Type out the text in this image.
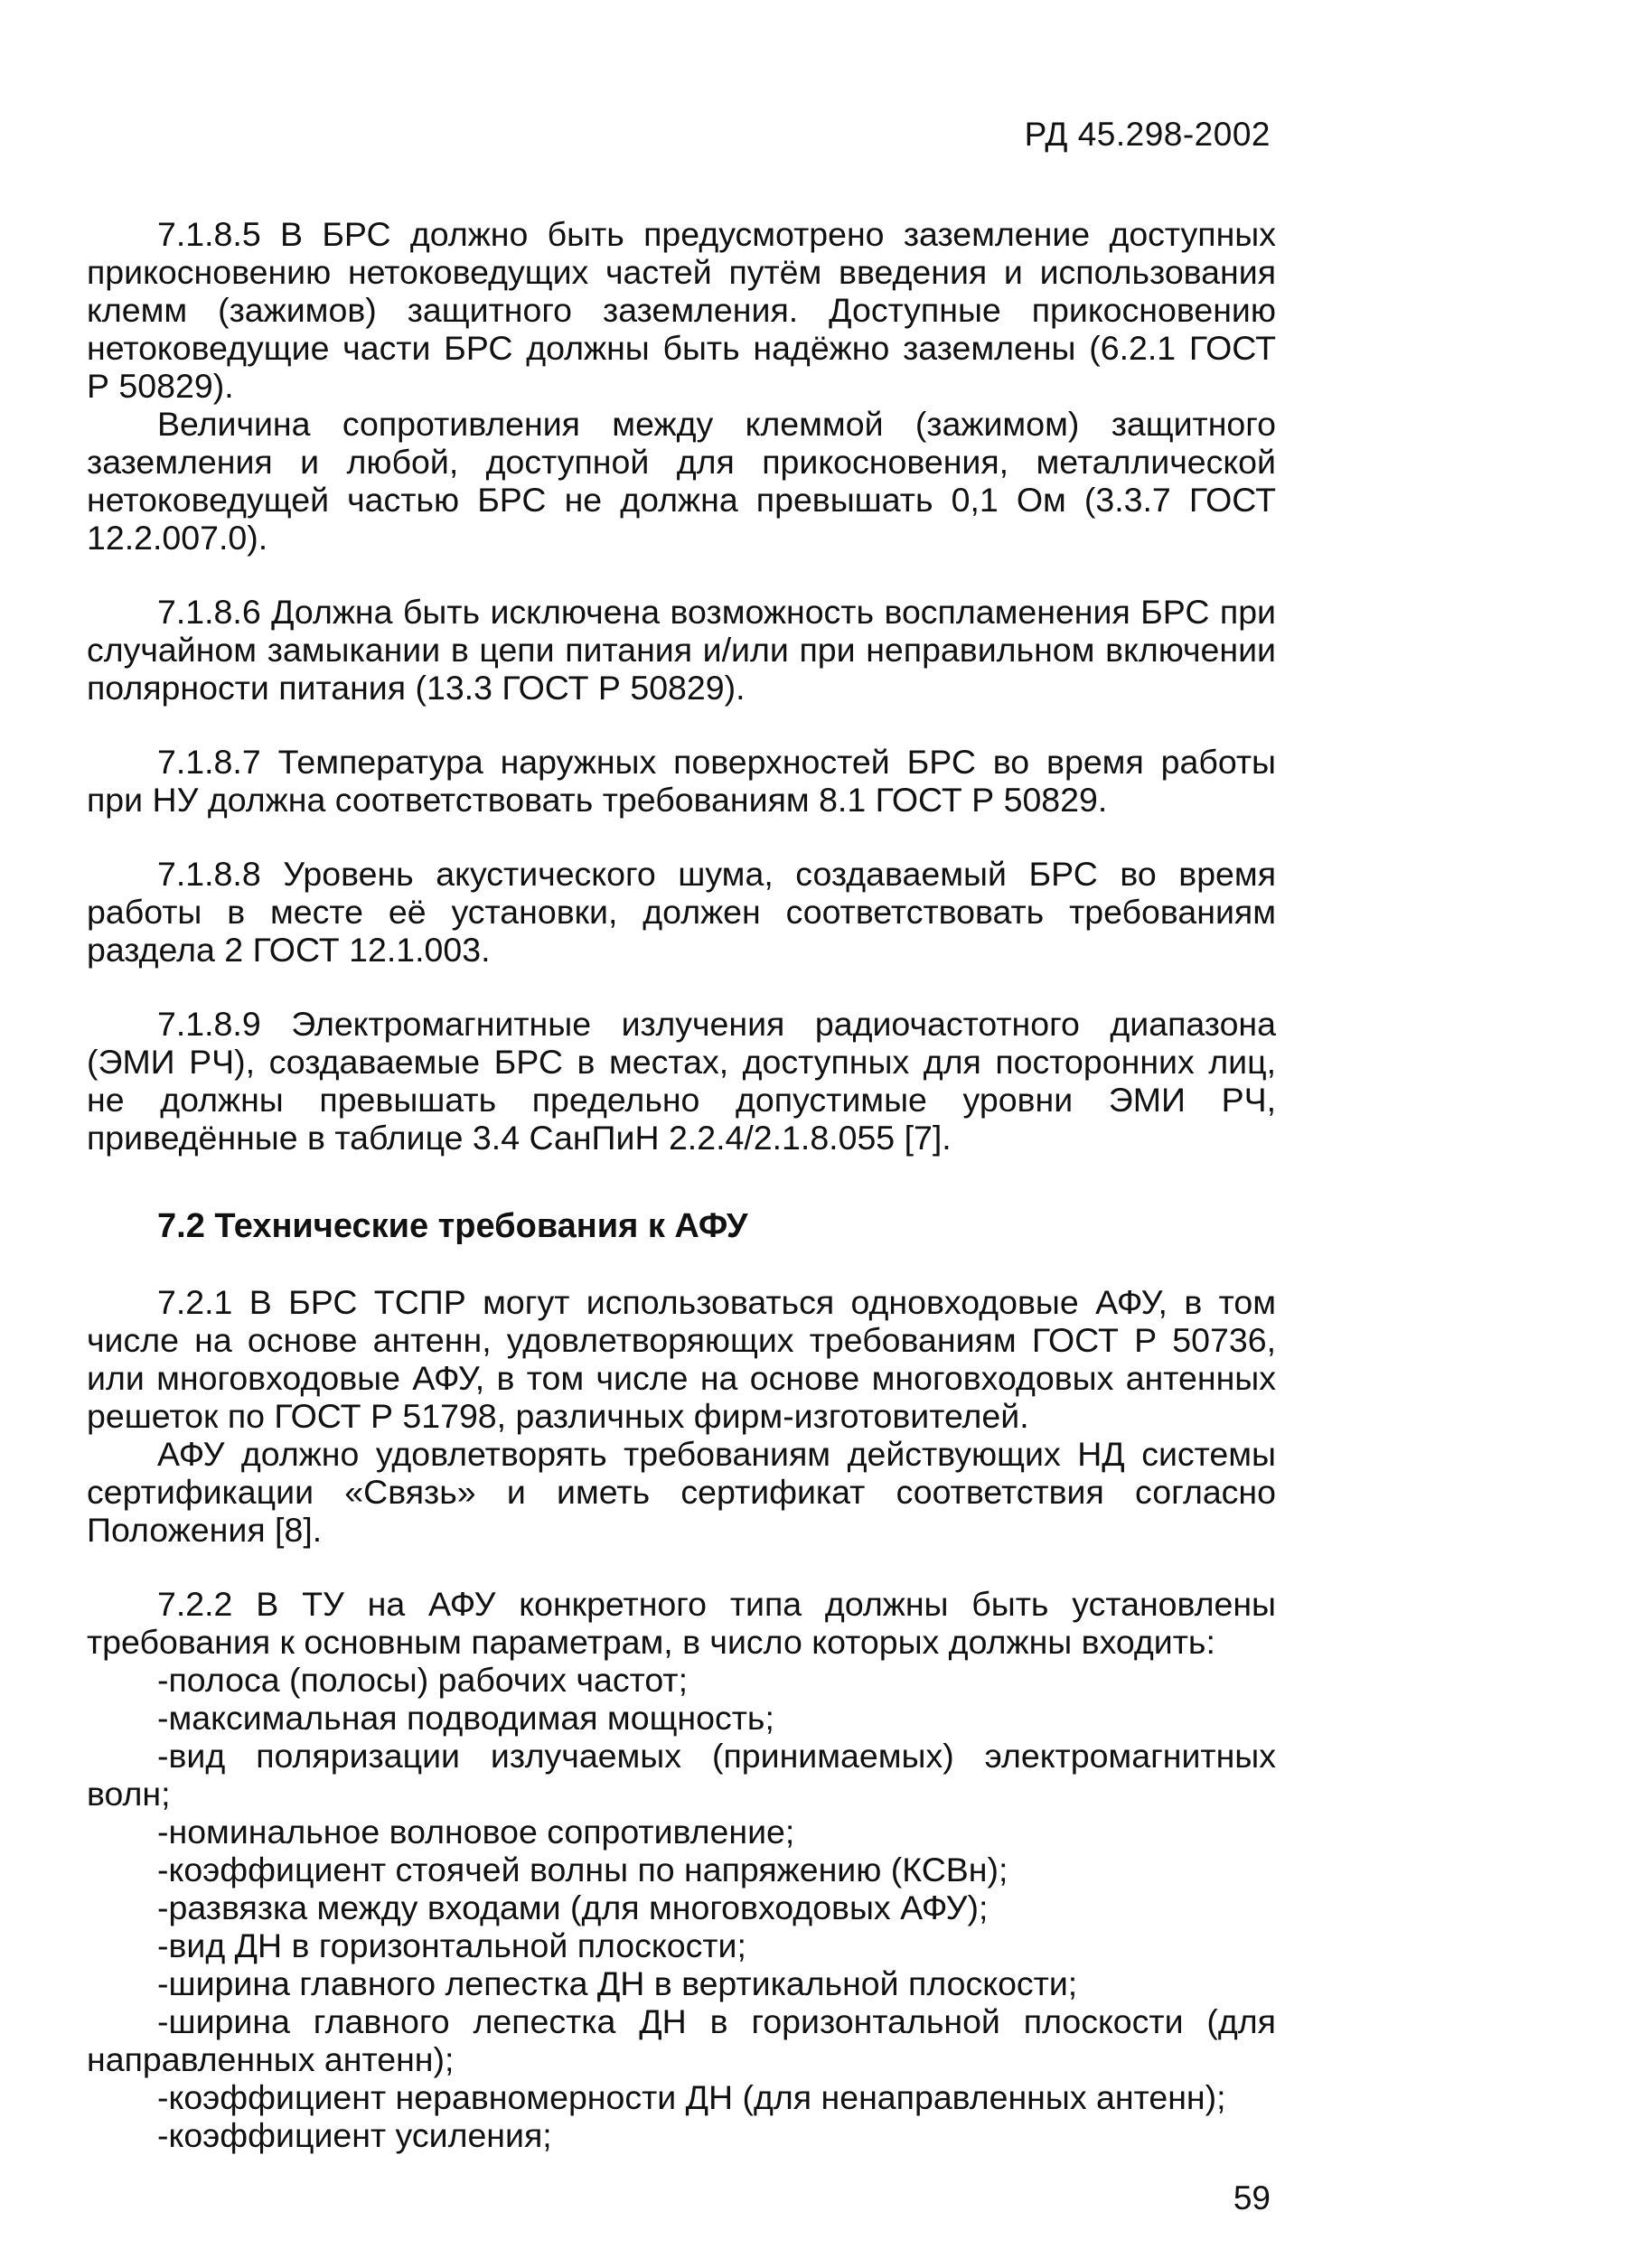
РД 45.298-2002

7.1.8.5 В БРС должно быть предусмотрено заземление доступных прикосновению нетоковедущих частей путём введения и использования клемм (зажимов) защитного заземления. Доступные прикосновению нетоковедущие части БРС должны быть надёжно заземлены (6.2.1 ГОСТ Р 50829).

Величина сопротивления между клеммой (зажимом) защитного заземления и любой, доступной для прикосновения, металлической нетоковедущей частью БРС не должна превышать 0,1 Ом (3.3.7 ГОСТ 12.2.007.0).

7.1.8.6 Должна быть исключена возможность воспламенения БРС при случайном замыкании в цепи питания и/или при неправильном включении полярности питания (13.3 ГОСТ Р 50829).

7.1.8.7 Температура наружных поверхностей БРС во время работы при НУ должна соответствовать требованиям 8.1 ГОСТ Р 50829.

7.1.8.8 Уровень акустического шума, создаваемый БРС во время работы в месте её установки, должен соответствовать требованиям раздела 2 ГОСТ 12.1.003.

7.1.8.9 Электромагнитные излучения радиочастотного диапазона (ЭМИ РЧ), создаваемые БРС в местах, доступных для посторонних лиц, не должны превышать предельно допустимые уровни ЭМИ РЧ, приведённые в таблице 3.4 СанПиН 2.2.4/2.1.8.055 [7].

7.2 Технические требования к АФУ

7.2.1 В БРС ТСПР могут использоваться одновходовые АФУ, в том числе на основе антенн, удовлетворяющих требованиям ГОСТ Р 50736, или многовходовые АФУ, в том числе на основе многовходовых антенных решеток по ГОСТ Р 51798, различных фирм-изготовителей.

АФУ должно удовлетворять требованиям действующих НД системы сертификации «Связь» и иметь сертификат соответствия согласно Положения [8].

7.2.2 В ТУ на АФУ конкретного типа должны быть установлены требования к основным параметрам, в число которых должны входить:

-полоса (полосы) рабочих частот;
-максимальная подводимая мощность;
-вид поляризации излучаемых (принимаемых) электромагнитных волн;
-номинальное волновое сопротивление;
-коэффициент стоячей волны по напряжению (КСВн);
-развязка между входами (для многовходовых АФУ);
-вид ДН в горизонтальной плоскости;
-ширина главного лепестка ДН в вертикальной плоскости;
-ширина главного лепестка ДН в горизонтальной плоскости (для направленных антенн);
-коэффициент неравномерности ДН (для ненаправленных антенн);
-коэффициент усиления;
59
